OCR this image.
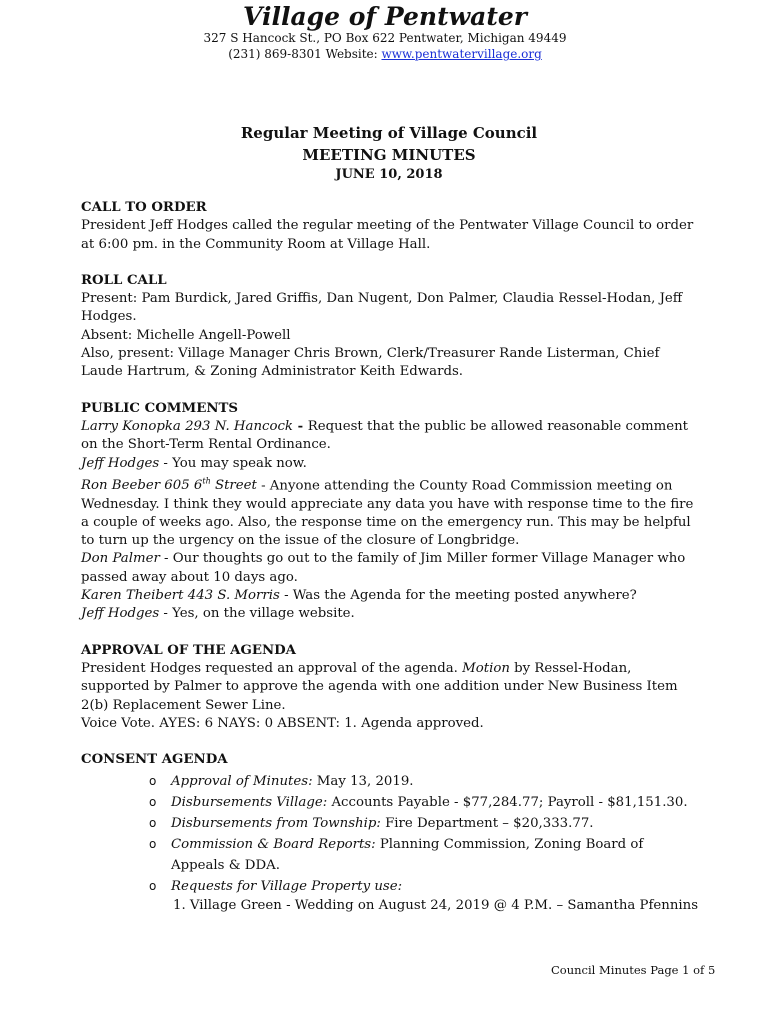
Village of Pentwater
327 S Hancock St., PO Box 622 Pentwater, Michigan 49449
(231) 869-8301 Website: www.pentwatervillage.org
Regular Meeting of Village Council
MEETING MINUTES
JUNE 10, 2018
CALL TO ORDER
President Jeff Hodges called the regular meeting of the Pentwater Village Council to order at 6:00 pm. in the Community Room at Village Hall.
ROLL CALL
Present: Pam Burdick, Jared Griffis, Dan Nugent, Don Palmer, Claudia Ressel-Hodan, Jeff Hodges.
Absent: Michelle Angell-Powell
Also, present: Village Manager Chris Brown, Clerk/Treasurer Rande Listerman, Chief Laude Hartrum, & Zoning Administrator Keith Edwards.
PUBLIC COMMENTS
Larry Konopka 293 N. Hancock - Request that the public be allowed reasonable comment on the Short-Term Rental Ordinance.
Jeff Hodges - You may speak now.
Ron Beeber 605 6th Street - Anyone attending the County Road Commission meeting on Wednesday. I think they would appreciate any data you have with response time to the fire a couple of weeks ago. Also, the response time on the emergency run. This may be helpful to turn up the urgency on the issue of the closure of Longbridge.
Don Palmer - Our thoughts go out to the family of Jim Miller former Village Manager who passed away about 10 days ago.
Karen Theibert 443 S. Morris - Was the Agenda for the meeting posted anywhere?
Jeff Hodges - Yes, on the village website.
APPROVAL OF THE AGENDA
President Hodges requested an approval of the agenda. Motion by Ressel-Hodan, supported by Palmer to approve the agenda with one addition under New Business Item 2(b) Replacement Sewer Line.
Voice Vote. AYES: 6 NAYS: 0 ABSENT: 1. Agenda approved.
CONSENT AGENDA
o Approval of Minutes: May 13, 2019.
o Disbursements Village: Accounts Payable - $77,284.77; Payroll - $81,151.30.
o Disbursements from Township: Fire Department – $20,333.77.
o Commission & Board Reports: Planning Commission, Zoning Board of Appeals & DDA.
o Requests for Village Property use:
1. Village Green - Wedding on August 24, 2019 @ 4 P.M. – Samantha Pfennins
Council Minutes Page 1 of 5
